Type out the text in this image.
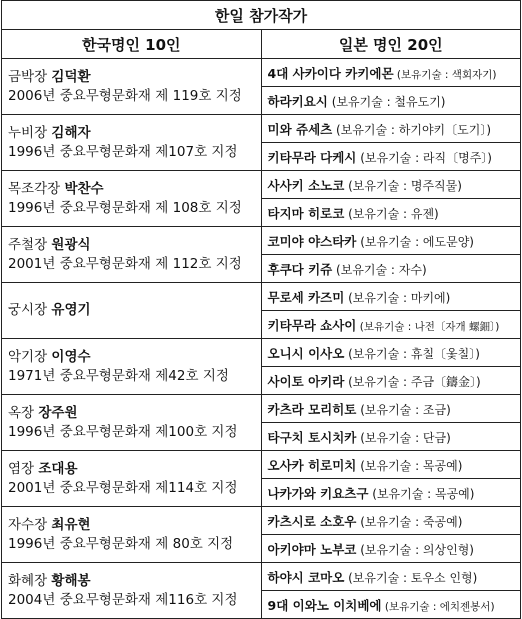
한일 참가작가	
한국명인 10인	일본 명인 20인

금박장 김덕환
2006년 중요무형문화재 제 119호 지정	4대 사카이다 카키에몬 (보유기술 : 색회자기)
	하라키요시 (보유기술 : 철유도기)

누비장 김해자
1996년 중요무형문화재 제107호 지정	미와 쥬세츠 (보유기술 : 하기야키〔도기〕)
	키타무라 다케시 (보유기술 : 라직〔명주〕)

목조각장 박찬수
1996년 중요무형문화재 제 108호 지정	사사키 소노코 (보유기술 : 명주직물)
	타지마 히로코 (보유기술 : 유젠)

주철장 원광식
2001년 중요무형문화재 제 112호 지정	코미야 야스타카 (보유기술 : 에도문양)
	후쿠다 키쥬 (보유기술 : 자수)

궁시장 유영기	무로세 카즈미 (보유기술 : 마키에)
	키타무라 쇼사이 (보유기술 : 나전〔자개 螺鈿〕)

악기장 이영수
1971년 중요무형문화재 제42호 지정	오니시 이사오 (보유기술 : 휴칠〔옻칠〕)
	사이토 아키라 (보유기술 : 주금〔鑄金〕)

옥장 장주원
1996년 중요무형문화재 제100호 지정	카츠라 모리히토 (보유기술 : 조금)
	타구치 토시치카 (보유기술 : 단금)

염장 조대용
2001년 중요무형문화재 제114호 지정	오사카 히로미치 (보유기술 : 목공예)
	나카가와 키요츠구 (보유기술 : 목공예)

자수장 최유현
1996년 중요무형문화재 제 80호 지정	카츠시로 소호우 (보유기술 : 죽공예)
	아키야마 노부코 (보유기술 : 의상인형)

화혜장 황해봉
2004년 중요무형문화재 제116호 지정	하야시 코마오 (보유기술 : 토우소 인형)
	9대 이와노 이치베에 (보유기술 : 에치젠봉서)
